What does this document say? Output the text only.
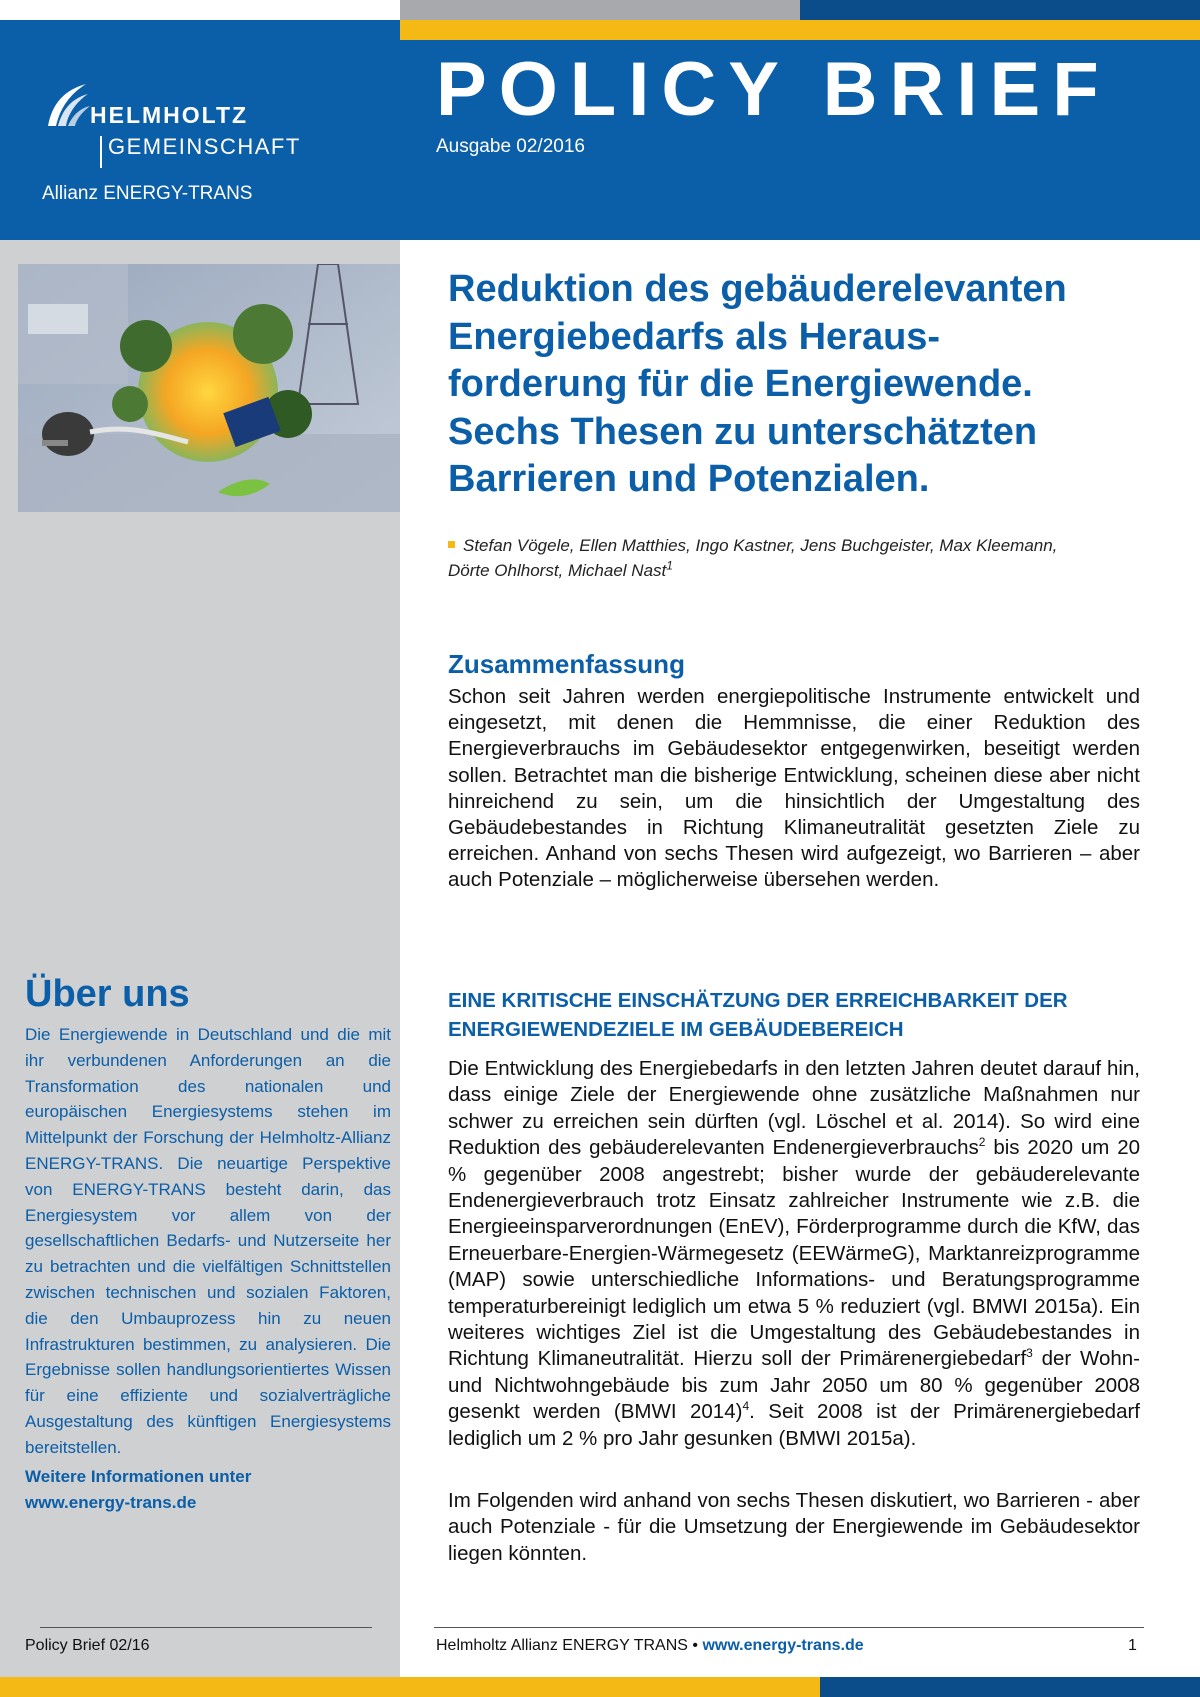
HELMHOLTZ
GEMEINSCHAFT
Allianz ENERGY-TRANS
POLICY BRIEF
Ausgabe 02/2016
Über uns

Die Energiewende in Deutschland und die mit ihr verbundenen Anforderungen an die Transformation des nationalen und europäischen Energiesystems stehen im Mittelpunkt der Forschung der Helmholtz-Allianz ENERGY-TRANS. Die neuartige Perspektive von ENERGY-TRANS besteht darin, das Energiesystem vor allem von der gesellschaftlichen Bedarfs- und Nutzerseite her zu betrachten und die vielfältigen Schnittstellen zwischen technischen und sozialen Faktoren, die den Umbauprozess hin zu neuen Infrastrukturen bestimmen, zu analysieren. Die Ergebnisse sollen handlungsorientiertes Wissen für eine effiziente und sozialverträgliche Ausgestaltung des künftigen Energiesystems bereitstellen.

Weitere Informationen unter
www.energy-trans.de
Reduktion des gebäuderelevanten
Energiebedarfs als Heraus-
forderung für die Energiewende.
Sechs Thesen zu unterschätzten
Barrieren und Potenzialen.

Stefan Vögele, Ellen Matthies, Ingo Kastner, Jens Buchgeister, Max Kleemann,
Dörte Ohlhorst, Michael Nast$^1$

Zusammenfassung

Schon seit Jahren werden energiepolitische Instrumente entwickelt und eingesetzt, mit denen die Hemmnisse, die einer Reduktion des Energieverbrauchs im Gebäudesektor entgegenwirken, beseitigt werden sollen. Betrachtet man die bisherige Entwicklung, scheinen diese aber nicht hinreichend zu sein, um die hinsichtlich der Umgestaltung des Gebäudebestandes in Richtung Klimaneutralität gesetzten Ziele zu erreichen. Anhand von sechs Thesen wird aufgezeigt, wo Barrieren – aber auch Potenziale – möglicherweise übersehen werden.

EINE KRITISCHE EINSCHÄTZUNG DER ERREICHBARKEIT DER
ENERGIEWENDEZIELE IM GEBÄUDEBEREICH

Die Entwicklung des Energiebedarfs in den letzten Jahren deutet darauf hin, dass einige Ziele der Energiewende ohne zusätzliche Maßnahmen nur schwer zu erreichen sein dürften (vgl. Löschel et al. 2014). So wird eine Reduktion des gebäuderelevanten Endenergieverbrauchs$^2$ bis 2020 um 20 % gegenüber 2008 angestrebt; bisher wurde der gebäuderelevante Endenergieverbrauch trotz Einsatz zahlreicher Instrumente wie z.B. die Energieeinsparverordnungen (EnEV), Förderprogramme durch die KfW, das Erneuerbare-Energien-Wärmegesetz (EEWärmeG), Marktanreizprogramme (MAP) sowie unterschiedliche Informations- und Beratungsprogramme temperaturbereinigt lediglich um etwa 5 % reduziert (vgl. BMWI 2015a). Ein weiteres wichtiges Ziel ist die Umgestaltung des Gebäudebestandes in Richtung Klimaneutralität. Hierzu soll der Primärenergiebedarf$^3$ der Wohn- und Nichtwohngebäude bis zum Jahr 2050 um 80 % gegenüber 2008 gesenkt werden (BMWI 2014)$^4$. Seit 2008 ist der Primärenergiebedarf lediglich um 2 % pro Jahr gesunken (BMWI 2015a).

Im Folgenden wird anhand von sechs Thesen diskutiert, wo Barrieren - aber auch Potenziale - für die Umsetzung der Energiewende im Gebäudesektor liegen könnten.

Policy Brief 02/16	Helmholtz Allianz ENERGY TRANS • www.energy-trans.de	1
